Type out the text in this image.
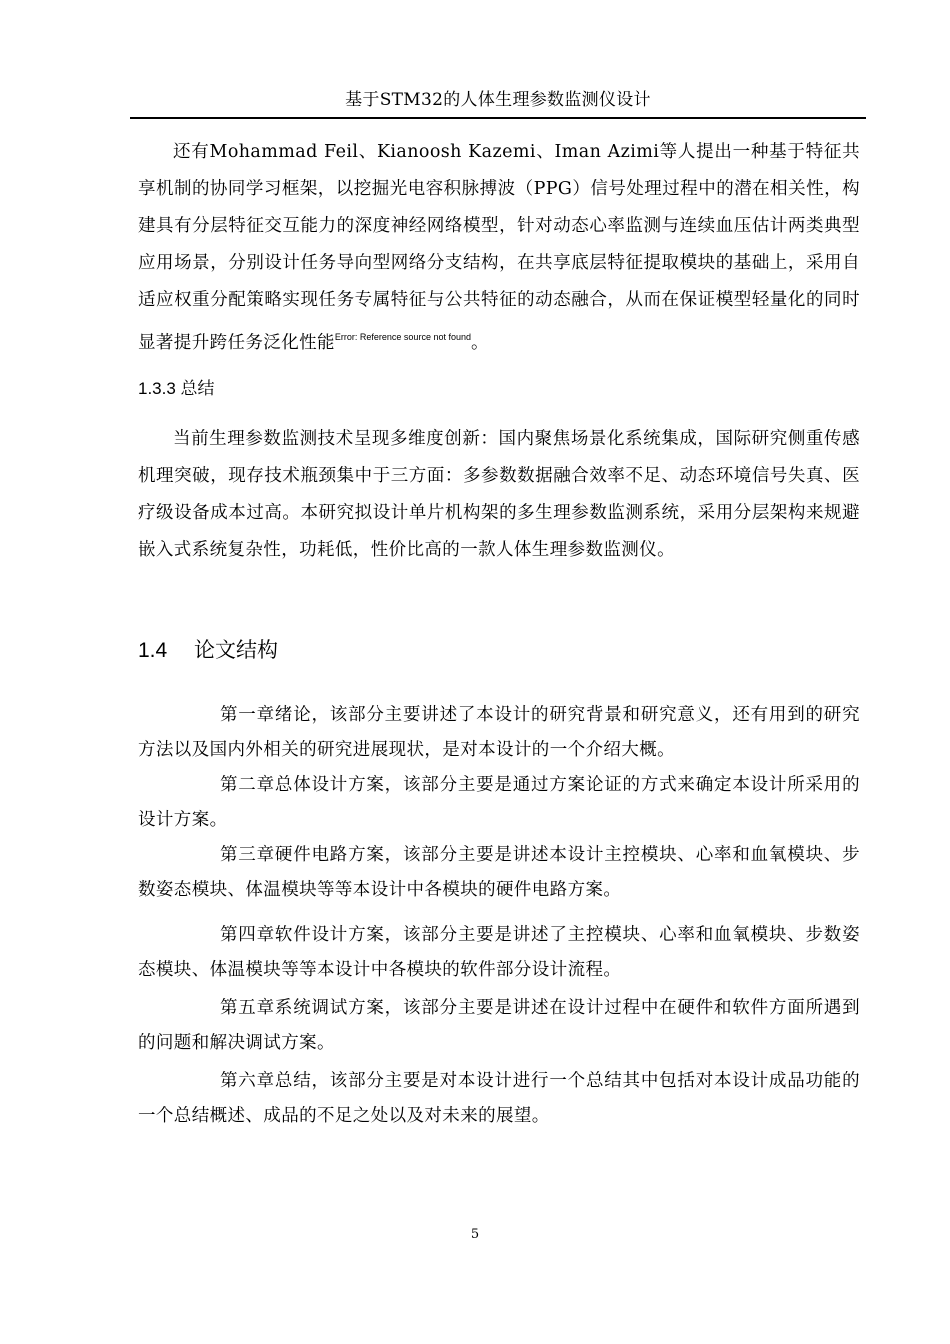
基于STM32的人体生理参数监测仪设计

还有Mohammad Feil、Kianoosh Kazemi、Iman Azimi等人提出一种基于特征共享机制的协同学习框架，以挖掘光电容积脉搏波（PPG）信号处理过程中的潜在相关性，构建具有分层特征交互能力的深度神经网络模型，针对动态心率监测与连续血压估计两类典型应用场景，分别设计任务导向型网络分支结构，在共享底层特征提取模块的基础上，采用自适应权重分配策略实现任务专属特征与公共特征的动态融合，从而在保证模型轻量化的同时显著提升跨任务泛化性能$^{Error: Reference source not found}$。

1.3.3 总结

当前生理参数监测技术呈现多维度创新：国内聚焦场景化系统集成，国际研究侧重传感机理突破，现存技术瓶颈集中于三方面：多参数数据融合效率不足、动态环境信号失真、医疗级设备成本过高。本研究拟设计单片机构架的多生理参数监测系统，采用分层架构来规避嵌入式系统复杂性，功耗低，性价比高的一款人体生理参数监测仪。

1.4 论文结构

第一章绪论，该部分主要讲述了本设计的研究背景和研究意义，还有用到的研究方法以及国内外相关的研究进展现状，是对本设计的一个介绍大概。

第二章总体设计方案，该部分主要是通过方案论证的方式来确定本设计所采用的设计方案。

第三章硬件电路方案，该部分主要是讲述本设计主控模块、心率和血氧模块、步数姿态模块、体温模块等等本设计中各模块的硬件电路方案。

第四章软件设计方案，该部分主要是讲述了主控模块、心率和血氧模块、步数姿态模块、体温模块等等本设计中各模块的软件部分设计流程。

第五章系统调试方案，该部分主要是讲述在设计过程中在硬件和软件方面所遇到的问题和解决调试方案。

第六章总结，该部分主要是对本设计进行一个总结其中包括对本设计成品功能的一个总结概述、成品的不足之处以及对未来的展望。

5
